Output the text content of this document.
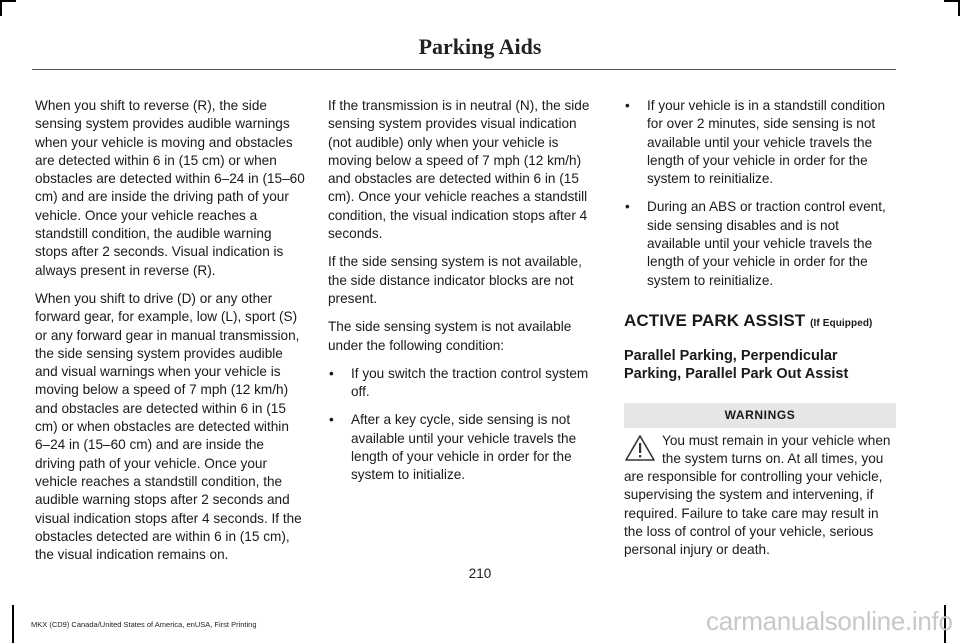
Parking Aids

When you shift to reverse (R), the side sensing system provides audible warnings when your vehicle is moving and obstacles are detected within 6 in (15 cm) or when obstacles are detected within 6–24 in (15–60 cm) and are inside the driving path of your vehicle. Once your vehicle reaches a standstill condition, the audible warning stops after 2 seconds. Visual indication is always present in reverse (R).

When you shift to drive (D) or any other forward gear, for example, low (L), sport (S) or any forward gear in manual transmission, the side sensing system provides audible and visual warnings when your vehicle is moving below a speed of 7 mph (12 km/h) and obstacles are detected within 6 in (15 cm) or when obstacles are detected within 6–24 in (15–60 cm) and are inside the driving path of your vehicle. Once your vehicle reaches a standstill condition, the audible warning stops after 2 seconds and visual indication stops after 4 seconds. If the obstacles detected are within 6 in (15 cm), the visual indication remains on.

If the transmission is in neutral (N), the side sensing system provides visual indication (not audible) only when your vehicle is moving below a speed of 7 mph (12 km/h) and obstacles are detected within 6 in (15 cm). Once your vehicle reaches a standstill condition, the visual indication stops after 4 seconds.

If the side sensing system is not available, the side distance indicator blocks are not present.

The side sensing system is not available under the following condition:

• If you switch the traction control system off.
• After a key cycle, side sensing is not available until your vehicle travels the length of your vehicle in order for the system to initialize.
• If your vehicle is in a standstill condition for over 2 minutes, side sensing is not available until your vehicle travels the length of your vehicle in order for the system to reinitialize.
• During an ABS or traction control event, side sensing disables and is not available until your vehicle travels the length of your vehicle in order for the system to reinitialize.
ACTIVE PARK ASSIST (If Equipped)
Parallel Parking, Perpendicular Parking, Parallel Park Out Assist
WARNINGS

You must remain in your vehicle when the system turns on. At all times, you are responsible for controlling your vehicle, supervising the system and intervening, if required. Failure to take care may result in the loss of control of your vehicle, serious personal injury or death.

210
MKX (CD9) Canada/United States of America, enUSA, First Printing	carmanualsonline.info
